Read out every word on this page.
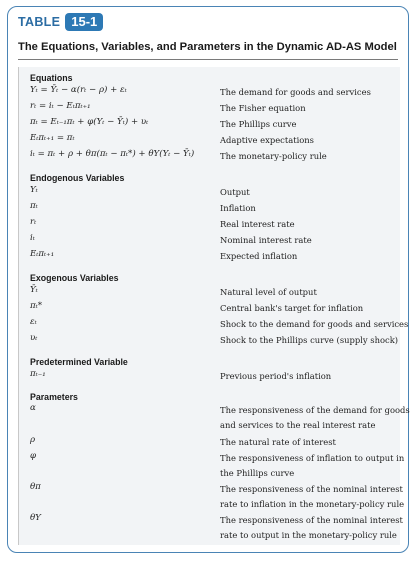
TABLE 15-1
The Equations, Variables, and Parameters in the Dynamic AD-AS Model
Equations
Yₜ = Ȳₜ − α(rₜ − ρ) + εₜ	The demand for goods and services
rₜ = iₜ − Eₜπₜ₊₁	The Fisher equation
πₜ = Eₜ₋₁πₜ + φ(Yₜ − Ȳₜ) + υₜ	The Phillips curve
Eₜπₜ₊₁ = πₜ	Adaptive expectations
iₜ = πₜ + ρ + θπ(πₜ − πₜ*) + θY(Yₜ − Ȳₜ)	The monetary-policy rule
Endogenous Variables
Yₜ	Output
πₜ	Inflation
rₜ	Real interest rate
iₜ	Nominal interest rate
Eₜπₜ₊₁	Expected inflation
Exogenous Variables
Ȳₜ	Natural level of output
πₜ*	Central bank's target for inflation
εₜ	Shock to the demand for goods and services
υₜ	Shock to the Phillips curve (supply shock)
Predetermined Variable
πₜ₋₁	Previous period's inflation
Parameters
α	The responsiveness of the demand for goods and services to the real interest rate
ρ	The natural rate of interest
φ	The responsiveness of inflation to output in the Phillips curve
θπ	The responsiveness of the nominal interest rate to inflation in the monetary-policy rule
θY	The responsiveness of the nominal interest rate to output in the monetary-policy rule
